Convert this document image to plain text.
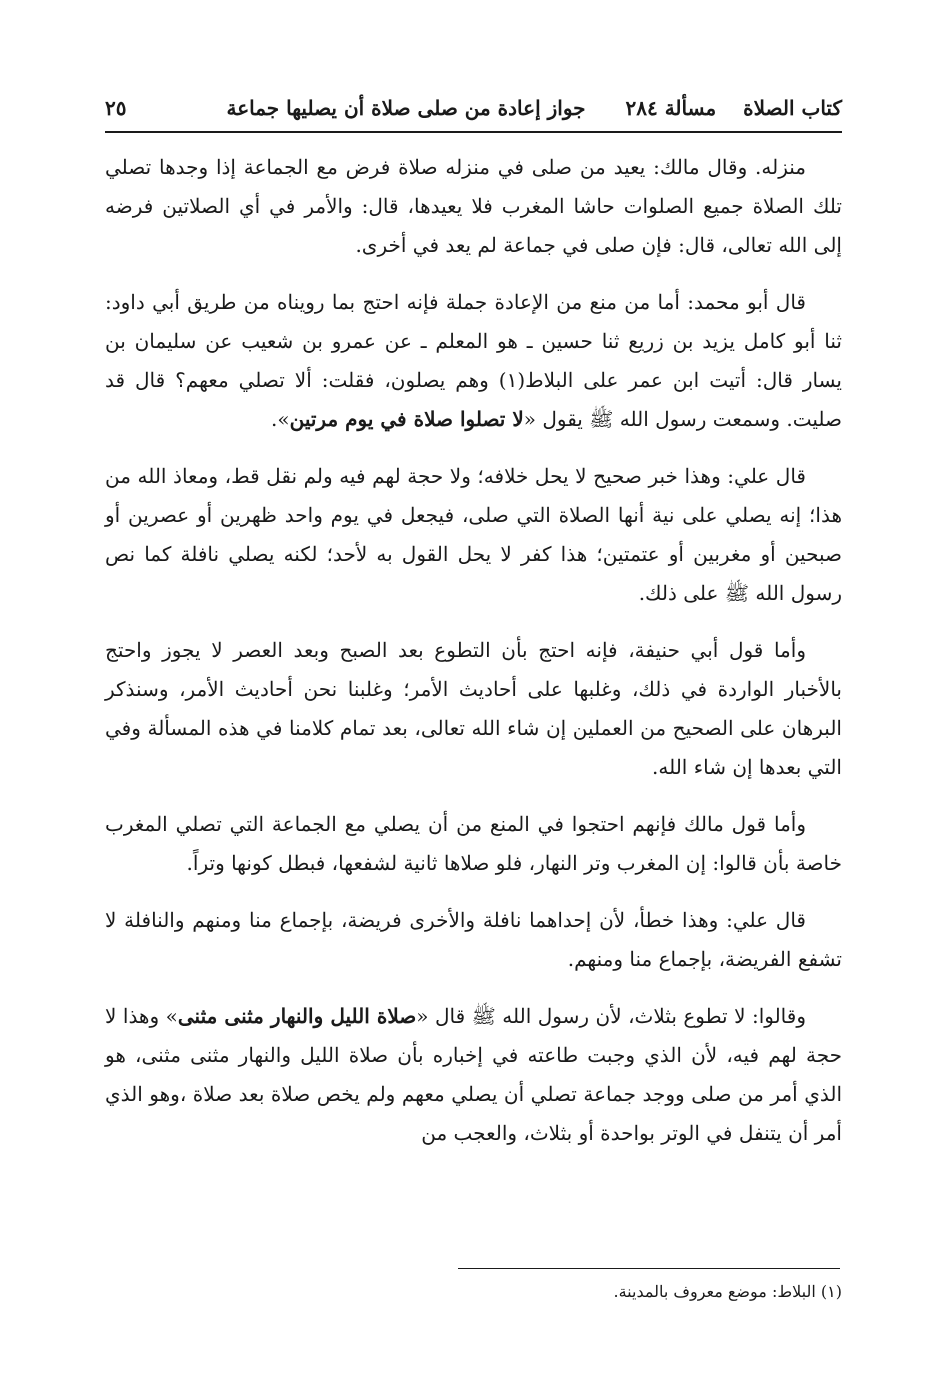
كتاب الصلاة
مسألة ٢٨٤
جواز إعادة من صلى صلاة أن يصليها جماعة
٢٥

منزله. وقال مالك: يعيد من صلى في منزله صلاة فرض مع الجماعة إذا وجدها تصلي تلك الصلاة جميع الصلوات حاشا المغرب فلا يعيدها، قال: والأمر في أي الصلاتين فرضه إلى الله تعالى، قال: فإن صلى في جماعة لم يعد في أخرى.

قال أبو محمد: أما من منع من الإعادة جملة فإنه احتج بما رويناه من طريق أبي داود: ثنا أبو كامل يزيد بن زريع ثنا حسين ـ هو المعلم ـ عن عمرو بن شعيب عن سليمان بن يسار قال: أتيت ابن عمر على البلاط(١) وهم يصلون، فقلت: ألا تصلي معهم؟ قال قد صليت. وسمعت رسول الله ﷺ يقول «لا تصلوا صلاة في يوم مرتين».

قال علي: وهذا خبر صحيح لا يحل خلافه؛ ولا حجة لهم فيه ولم نقل قط، ومعاذ الله من هذا؛ إنه يصلي على نية أنها الصلاة التي صلى، فيجعل في يوم واحد ظهرين أو عصرين أو صبحين أو مغربين أو عتمتين؛ هذا كفر لا يحل القول به لأحد؛ لكنه يصلي نافلة كما نص رسول الله ﷺ على ذلك.

وأما قول أبي حنيفة، فإنه احتج بأن التطوع بعد الصبح وبعد العصر لا يجوز واحتج بالأخبار الواردة في ذلك، وغلبها على أحاديث الأمر؛ وغلبنا نحن أحاديث الأمر، وسنذكر البرهان على الصحيح من العملين إن شاء الله تعالى، بعد تمام كلامنا في هذه المسألة وفي التي بعدها إن شاء الله.

وأما قول مالك فإنهم احتجوا في المنع من أن يصلي مع الجماعة التي تصلي المغرب خاصة بأن قالوا: إن المغرب وتر النهار، فلو صلاها ثانية لشفعها، فبطل كونها وتراً.

قال علي: وهذا خطأ، لأن إحداهما نافلة والأخرى فريضة، بإجماع منا ومنهم والنافلة لا تشفع الفريضة، بإجماع منا ومنهم.

وقالوا: لا تطوع بثلاث، لأن رسول الله ﷺ قال «صلاة الليل والنهار مثنى مثنى» وهذا لا حجة لهم فيه، لأن الذي وجبت طاعته في إخباره بأن صلاة الليل والنهار مثنى مثنى، هو الذي أمر من صلى ووجد جماعة تصلي أن يصلي معهم ولم يخص صلاة بعد صلاة ،وهو الذي أمر أن يتنفل في الوتر بواحدة أو بثلاث، والعجب من

(١) البلاط: موضع معروف بالمدينة.
